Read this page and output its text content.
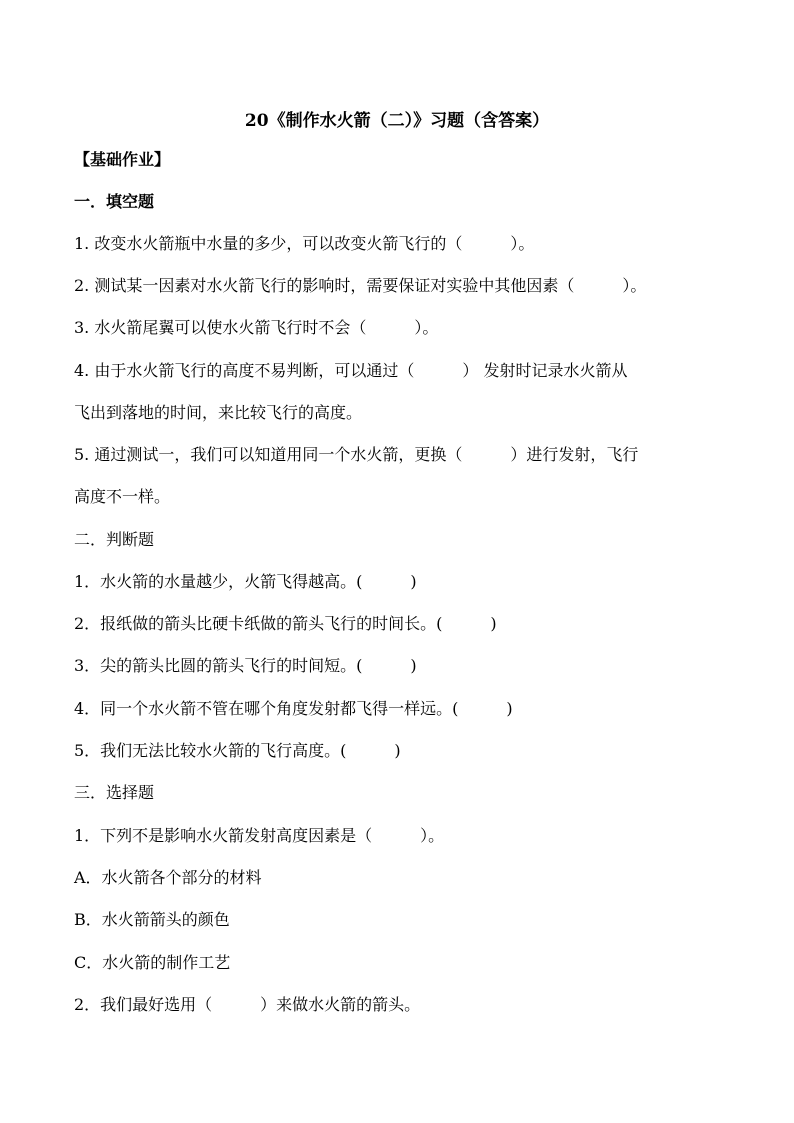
20《制作水火箭（二）》习题（含答案）
【基础作业】
一．填空题
1. 改变水火箭瓶中水量的多少，可以改变火箭飞行的（　　　）。
2. 测试某一因素对水火箭飞行的影响时，需要保证对实验中其他因素（　　　）。
3. 水火箭尾翼可以使水火箭飞行时不会（　　　）。
4. 由于水火箭飞行的高度不易判断，可以通过（　　　） 发射时记录水火箭从
飞出到落地的时间，来比较飞行的高度。
5. 通过测试一，我们可以知道用同一个水火箭，更换（　　　）进行发射，飞行
高度不一样。
二．判断题
1．水火箭的水量越少，火箭飞得越高。(　　　)
2．报纸做的箭头比硬卡纸做的箭头飞行的时间长。(　　　)
3．尖的箭头比圆的箭头飞行的时间短。(　　　)
4．同一个水火箭不管在哪个角度发射都飞得一样远。(　　　)
5．我们无法比较水火箭的飞行高度。(　　　)
三．选择题
1．下列不是影响水火箭发射高度因素是（　　　）。
A．水火箭各个部分的材料
B．水火箭箭头的颜色
C．水火箭的制作工艺
2．我们最好选用（　　　）来做水火箭的箭头。
